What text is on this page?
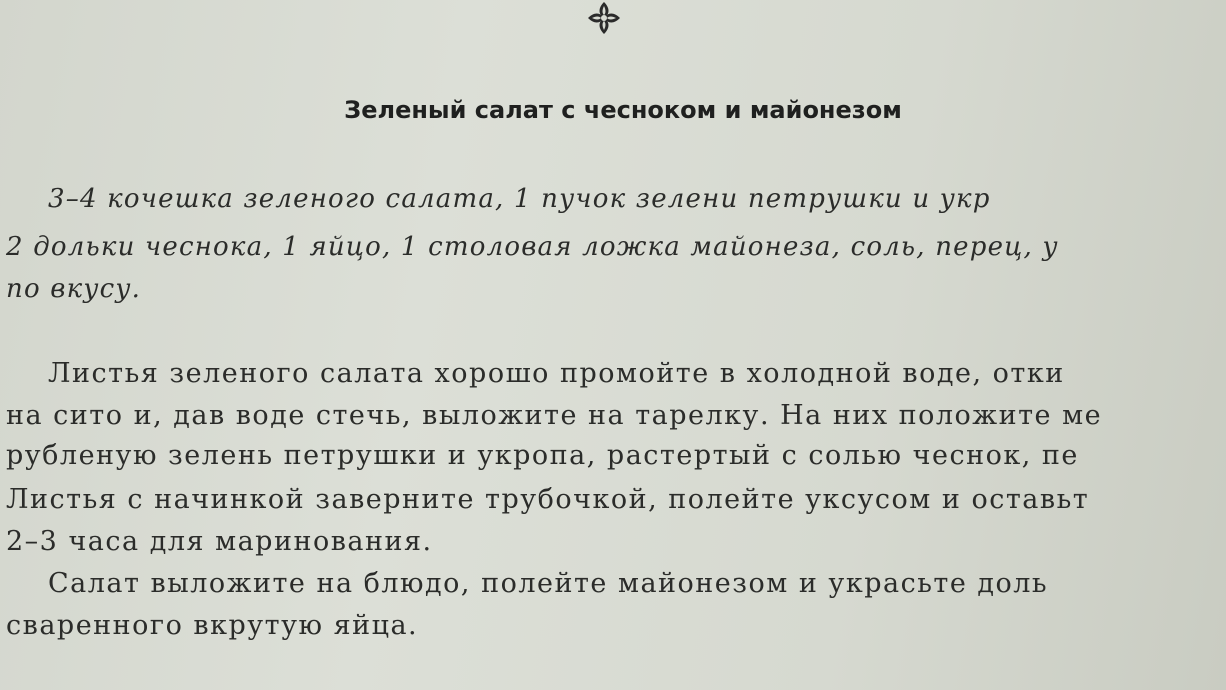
Зеленый салат с чесноком и майонезом
3–4 кочешка зеленого салата, 1 пучок зелени петрушки и укр
2 дольки чеснока, 1 яйцо, 1 столовая ложка майонеза, соль, перец, у
по вкусу.
Листья зеленого салата хорошо промойте в холодной воде, отки
на сито и, дав воде стечь, выложите на тарелку. На них положите ме
рубленую зелень петрушки и укропа, растертый с солью чеснок, пе
Листья с начинкой заверните трубочкой, полейте уксусом и оставьт
2–3 часа для маринования.
Салат выложите на блюдо, полейте майонезом и украсьте доль
сваренного вкрутую яйца.
